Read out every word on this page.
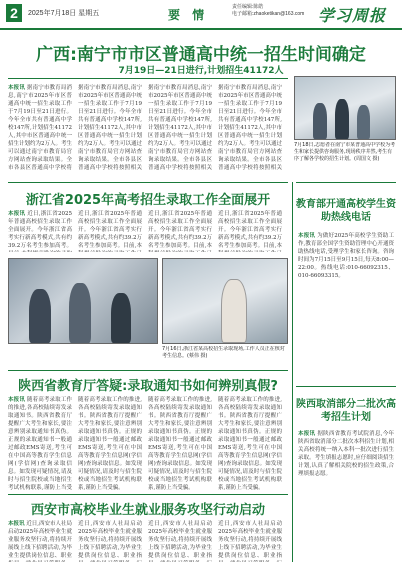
2	2025年7月18日 星期五	要 情
责任编辑:陈皓
电子邮箱:zhaoketikan@163.com 学习周报
广西:南宁市市区普通高中统一招生时间确定
7月19日—21日进行,计划招生41172人
本报讯 据南宁市教育局消息,南宁市2025年市区普通高中统一招生录取工作于7月19日至21日进行。今年全市共有普通高中学校147所,计划招生41172人,其中市区普通高中统一招生计划约为2万人。考生可以通过南宁市教育局官方网站查询录取结果。全市各县区普通高中学校将
据南宁市教育局消息,南宁市2025年市区普通高中统一招生录取工作于7月19日至21日进行。今年全市共有普通高中学校147所,计划招生41172人,其中市区普通高中统一招生计划约为2万人。考生可以通过南宁市教育局官方网站查询录取结果。全市各县区普通高中学校将按照相关
据南宁市教育局消息,南宁市2025年市区普通高中统一招生录取工作于7月19日至21日进行。今年全市共有普通高中学校147所,计划招生41172人,其中市区普通高中统一招生计划约为2万人。考生可以通过南宁市教育局官方网站查询录取结果。全市各县区普通高中学校将按照相关
据南宁市教育局消息,南宁市2025年市区普通高中统一招生录取工作于7月19日至21日进行。今年全市共有普通高中学校147所,计划招生41172人,其中市区普通高中统一招生计划约为2万人。考生可以通过南宁市教育局官方网站查询录取结果。全市各县区普通高中学校将按照相关
7月18日,志愿者在南宁市某普通高中学校为考生和家长提供咨询服务,现场秩序井然,考生有序了解各学校的招生计划。(周国文 摄)
浙江省2025年高考招生录取工作全面展开
本报讯 近日,浙江省2025年普通高校招生录取工作全面展开。今年浙江省高考实行新高考模式,共有约39.2万名考生参加高考。
近日,浙江省2025年普通高校招生录取工作全面展开。今年浙江省高考实行新高考模式,共有约39.2万名考生参加高考。目前,本
近日,浙江省2025年普通高校招生录取工作全面展开。今年浙江省高考实行新高考模式,共有约39.2万名考生参加高考。目前,本
近日,浙江省2025年普通高校招生录取工作全面展开。今年浙江省高考实行新高考模式,共有约39.2万名考生参加高考。目前,本
7月16日,浙江省某高校招生录取现场,工作人员正在核对考生信息。(蔡伟 摄)
陕西省教育厅答疑:录取通知书如何辨别真假?
本报讯 随着高考录取工作的推进,各高校陆续寄发录取通知书。陕西省教育厅提醒广大考生和家长,要注意辨别录取通知书真伪。正规的录取通知书一般通过邮政EMS寄送,考生可在中国高等教育学生信息网(学信网)查询录取信息。如发现可疑情况,请及时与招生院校或当地招生考试机构联系,谨防上当受
随着高考录取工作的推进,各高校陆续寄发录取通知书。陕西省教育厅提醒广大考生和家长,要注意辨别录取通知书真伪。正规的录取通知书一般通过邮政EMS寄送,考生可在中国高等教育学生信息网(学信网)查询录取信息。如发现可疑情况,请及时与招生院校或当地招生考试机构联系,谨防上当受骗。
随着高考录取工作的推进,各高校陆续寄发录取通知书。陕西省教育厅提醒广大考生和家长,要注意辨别录取通知书真伪。正规的录取通知书一般通过邮政EMS寄送,考生可在中国高等教育学生信息网(学信网)查询录取信息。如发现可疑情况,请及时与招生院校或当地招生考试机构联系,谨防上当受骗。
随着高考录取工作的推进,各高校陆续寄发录取通知书。陕西省教育厅提醒广大考生和家长,要注意辨别录取通知书真伪。正规的录取通知书一般通过邮政EMS寄送,考生可在中国高等教育学生信息网(学信网)查询录取信息。如发现可疑情况,请及时与招生院校或当地招生考试机构联系,谨防上当受骗。
西安市高校毕业生就业服务攻坚行动启动
本报讯 近日,西安市人社局启动2025年高校毕业生就业服务攻坚行动,将持续开展线上线下招聘活动,为毕业生提供岗位信息、职业
近日,西安市人社局启动2025年高校毕业生就业服务攻坚行动,将持续开展线上线下招聘活动,为毕业生提供岗位信息、职业指
近日,西安市人社局启动2025年高校毕业生就业服务攻坚行动,将持续开展线上线下招聘活动,为毕业生提供岗位信息、职业指
近日,西安市人社局启动2025年高校毕业生就业服务攻坚行动,将持续开展线上线下招聘活动,为毕业生提供岗位信息、职业指
教育部开通高校学生资助热线电话
本报讯 为做好2025年高校学生资助工作,教育部全国学生资助管理中心开通资助热线电话,受理学生和家长咨询。咨询时间为7月15日至9月15日,每天8:00—22:00。热线电话:010-66092315、010-66093315。
陕西取消部分二批次高考招生计划
本报讯 据陕西省教育考试院消息,今年陕西省取消部分二批次本科招生计划,相关高校将统一纳入本科一批次进行招生录取。考生填报志愿时,应仔细阅读招生计划,认真了解相关院校的招生政策,合理填报志愿。
